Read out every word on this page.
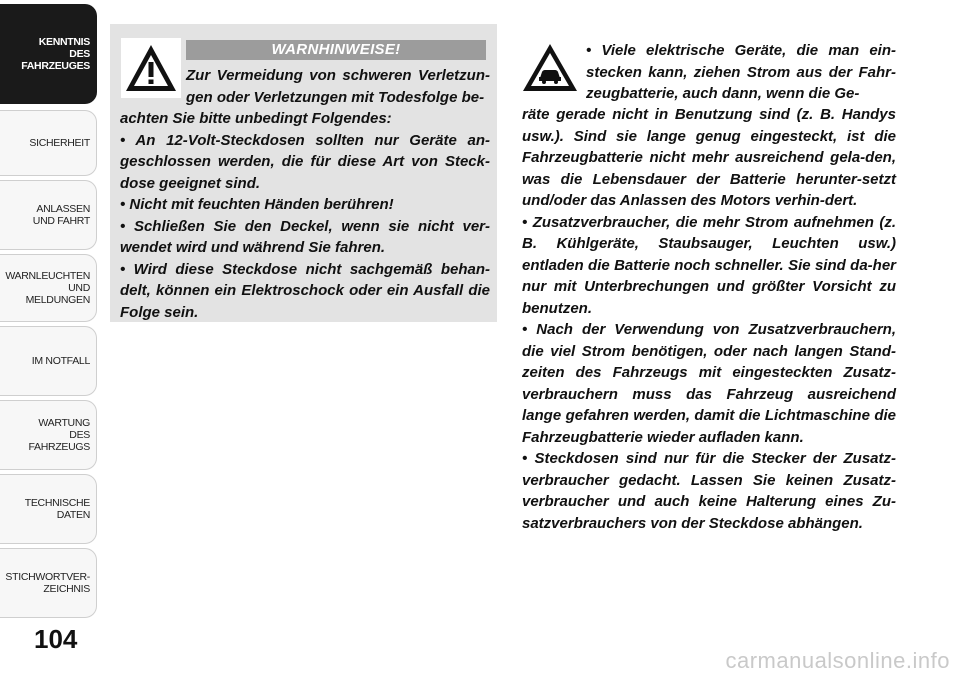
KENNTNIS
DES
FAHRZEUGES
SICHERHEIT
ANLASSEN
UND FAHRT
WARNLEUCHTEN
UND
MELDUNGEN
IM NOTFALL
WARTUNG
DES
FAHRZEUGS
TECHNISCHE
DATEN
STICHWORTVER-
ZEICHNIS
104
WARNHINWEISE!
Zur Vermeidung von schweren Verletzun-gen oder Verletzungen mit Todesfolge be-

achten Sie bitte unbedingt Folgendes:

• An 12-Volt-Steckdosen sollten nur Geräte an-geschlossen werden, die für diese Art von Steck-dose geeignet sind.

• Nicht mit feuchten Händen berühren!

• Schließen Sie den Deckel, wenn sie nicht ver-wendet wird und während Sie fahren.

• Wird diese Steckdose nicht sachgemäß behan-delt, können ein Elektroschock oder ein Ausfall die Folge sein.

• Viele elektrische Geräte, die man ein-stecken kann, ziehen Strom aus der Fahr-zeugbatterie, auch dann, wenn die Ge-

räte gerade nicht in Benutzung sind (z. B. Handys usw.). Sind sie lange genug eingesteckt, ist die Fahrzeugbatterie nicht mehr ausreichend gela-den, was die Lebensdauer der Batterie herunter-setzt und/oder das Anlassen des Motors verhin-dert.

• Zusatzverbraucher, die mehr Strom aufnehmen (z. B. Kühlgeräte, Staubsauger, Leuchten usw.) entladen die Batterie noch schneller. Sie sind da-her nur mit Unterbrechungen und größter Vorsicht zu benutzen.

• Nach der Verwendung von Zusatzverbrauchern, die viel Strom benötigen, oder nach langen Stand-zeiten des Fahrzeugs mit eingesteckten Zusatz-verbrauchern muss das Fahrzeug ausreichend lange gefahren werden, damit die Lichtmaschine die Fahrzeugbatterie wieder aufladen kann.

• Steckdosen sind nur für die Stecker der Zusatz-verbraucher gedacht. Lassen Sie keinen Zusatz-verbraucher und auch keine Halterung eines Zu-satzverbrauchers von der Steckdose abhängen.

carmanualsonline.info
